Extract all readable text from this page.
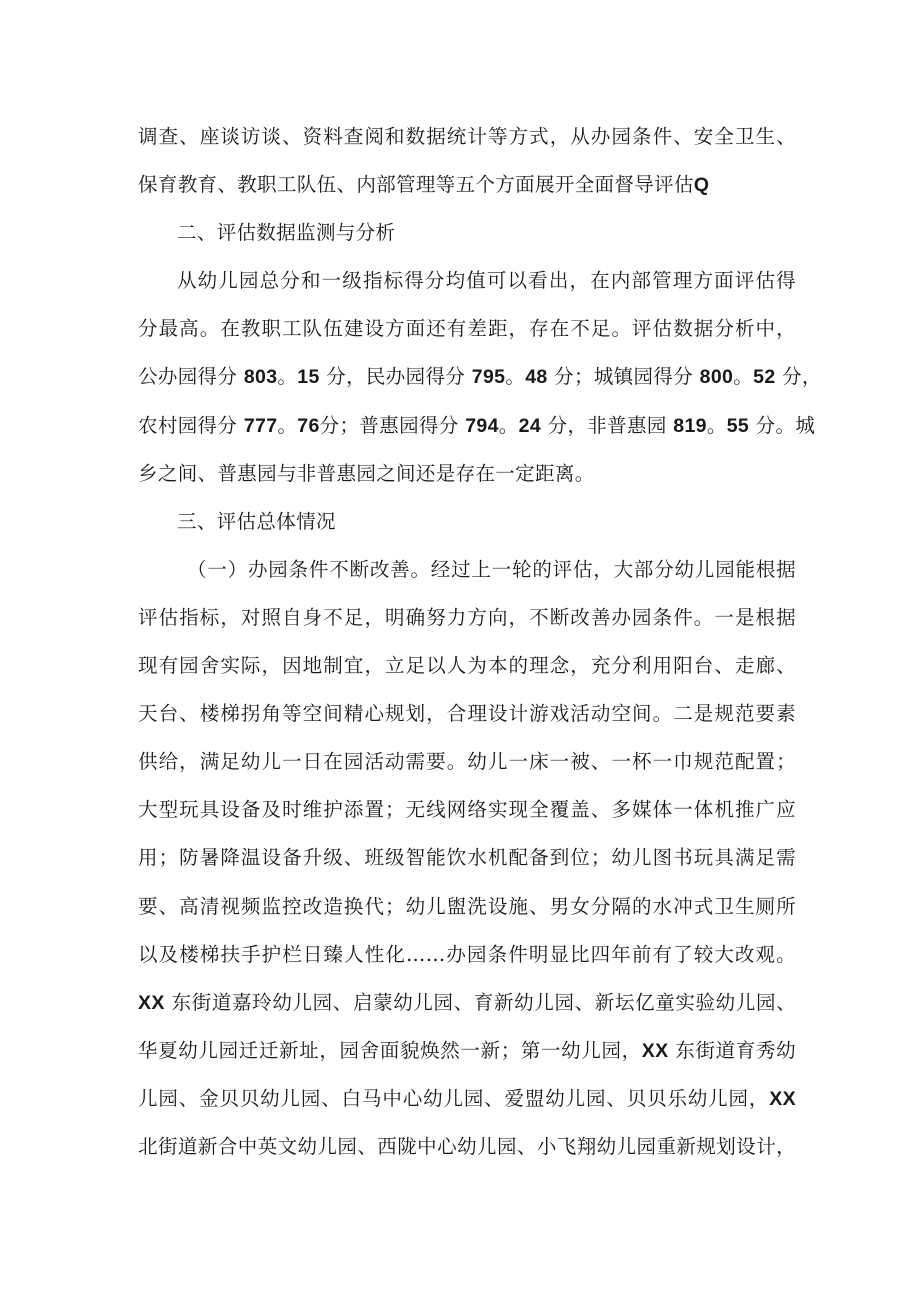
调查、座谈访谈、资料查阅和数据统计等方式，从办园条件、安全卫生、
保育教育、教职工队伍、内部管理等五个方面展开全面督导评估Q
二、评估数据监测与分析
从幼儿园总分和一级指标得分均值可以看出，在内部管理方面评估得
分最高。在教职工队伍建设方面还有差距，存在不足。评估数据分析中，
公办园得分 803。15 分，民办园得分 795。48 分；城镇园得分 800。52 分，
农村园得分 777。76分；普惠园得分 794。24 分，非普惠园 819。55 分。城
乡之间、普惠园与非普惠园之间还是存在一定距离。
三、评估总体情况
（一）办园条件不断改善。经过上一轮的评估，大部分幼儿园能根据
评估指标，对照自身不足，明确努力方向，不断改善办园条件。一是根据
现有园舍实际，因地制宜，立足以人为本的理念，充分利用阳台、走廊、
天台、楼梯拐角等空间精心规划，合理设计游戏活动空间。二是规范要素
供给，满足幼儿一日在园活动需要。幼儿一床一被、一杯一巾规范配置；
大型玩具设备及时维护添置；无线网络实现全覆盖、多媒体一体机推广应
用；防暑降温设备升级、班级智能饮水机配备到位；幼儿图书玩具满足需
要、高清视频监控改造换代；幼儿盥洗设施、男女分隔的水冲式卫生厕所
以及楼梯扶手护栏日臻人性化……办园条件明显比四年前有了较大改观。
XX 东街道嘉玲幼儿园、启蒙幼儿园、育新幼儿园、新坛亿童实验幼儿园、
华夏幼儿园迁迁新址，园舍面貌焕然一新；第一幼儿园，XX 东街道育秀幼
儿园、金贝贝幼儿园、白马中心幼儿园、爱盟幼儿园、贝贝乐幼儿园，XX
北街道新合中英文幼儿园、西陇中心幼儿园、小飞翔幼儿园重新规划设计，
